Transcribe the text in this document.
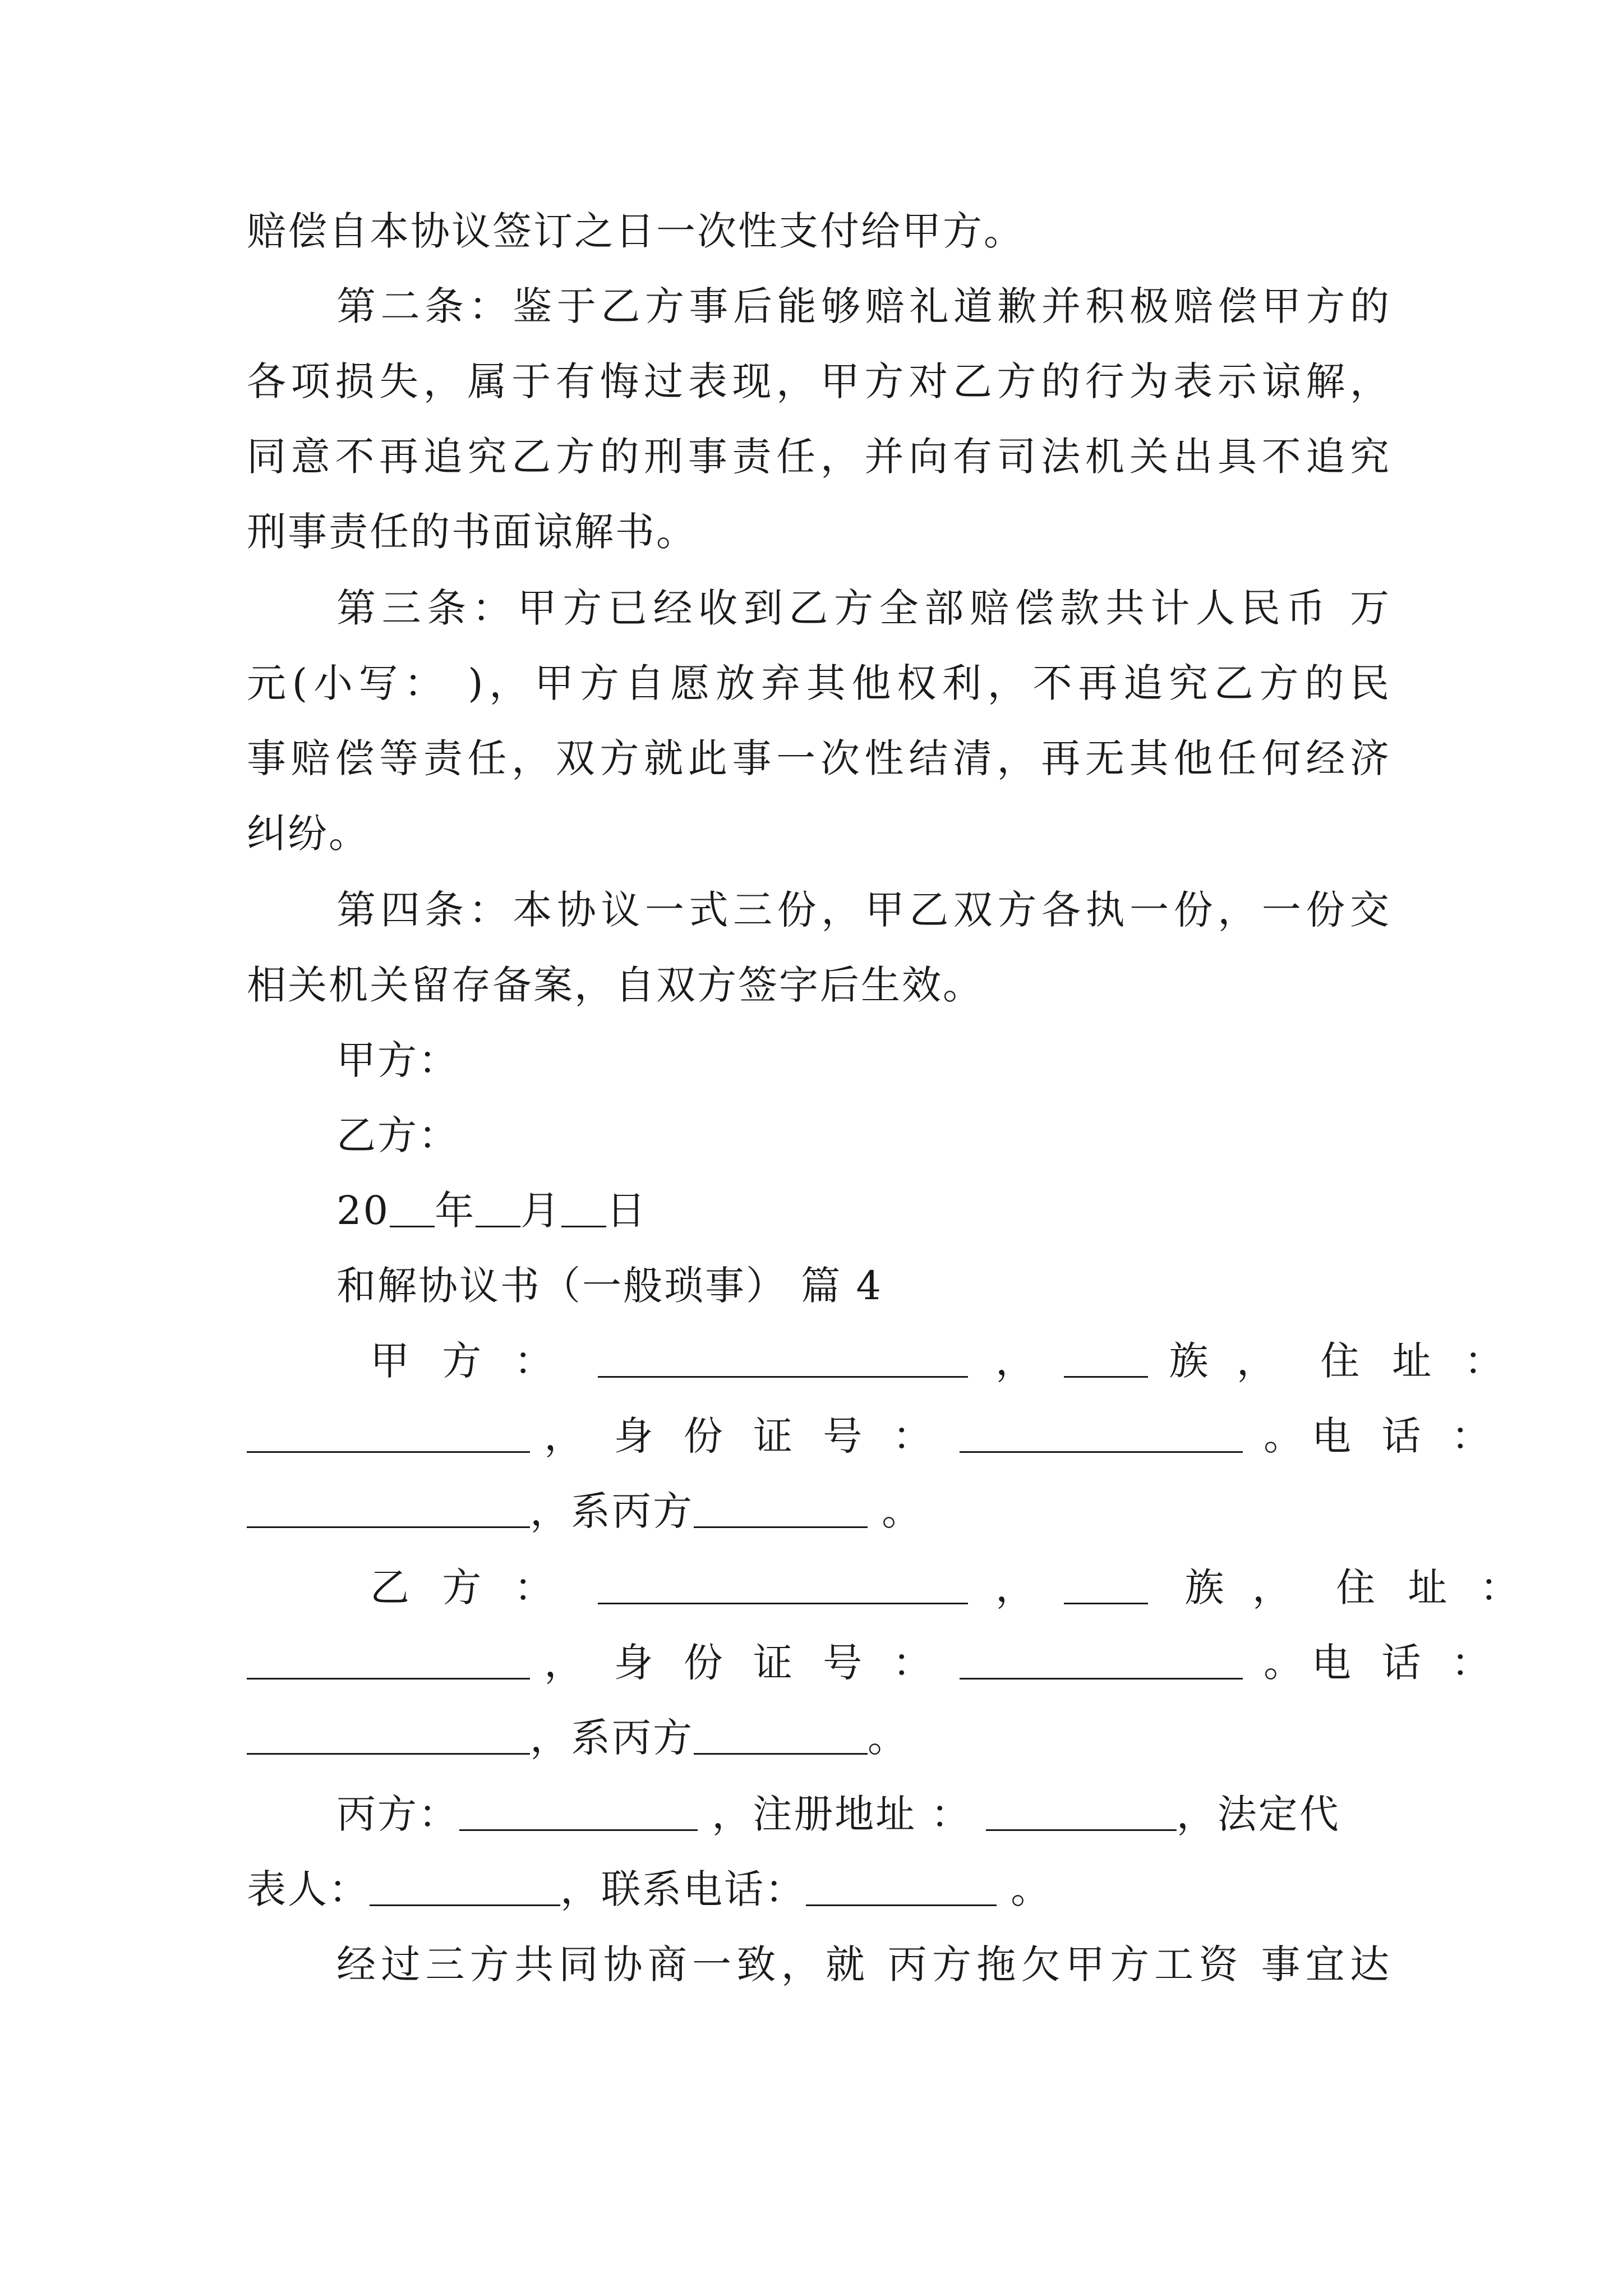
赔偿自本协议签订之日一次性支付给甲方。
第二条：鉴于乙方事后能够赔礼道歉并积极赔偿甲方的
各项损失，属于有悔过表现，甲方对乙方的行为表示谅解，
同意不再追究乙方的刑事责任，并向有司法机关出具不追究
刑事责任的书面谅解书。
第三条：甲方已经收到乙方全部赔偿款共计人民币 万
元(小写： )，甲方自愿放弃其他权利，不再追究乙方的民
事赔偿等责任，双方就此事一次性结清，再无其他任何经济
纠纷。
第四条：本协议一式三份，甲乙双方各执一份，一份交
相关机关留存备案，自双方签字后生效。
甲方：
乙方：
20 年 月 日
和解协议书（一般琐事） 篇 4
甲 方 ：	，	族 ， 住 址 ：
， 身 份 证 号 ：	。电 话 ：
，系丙方	。
乙 方 ：	，	族 ， 住 址 ：
， 身 份 证 号 ：	。电 话 ：
，系丙方	。
丙方：	，注册地址 ：	，法定代
表人：	，联系电话：	。
经过三方共同协商一致，就 丙方拖欠甲方工资 事宜达
